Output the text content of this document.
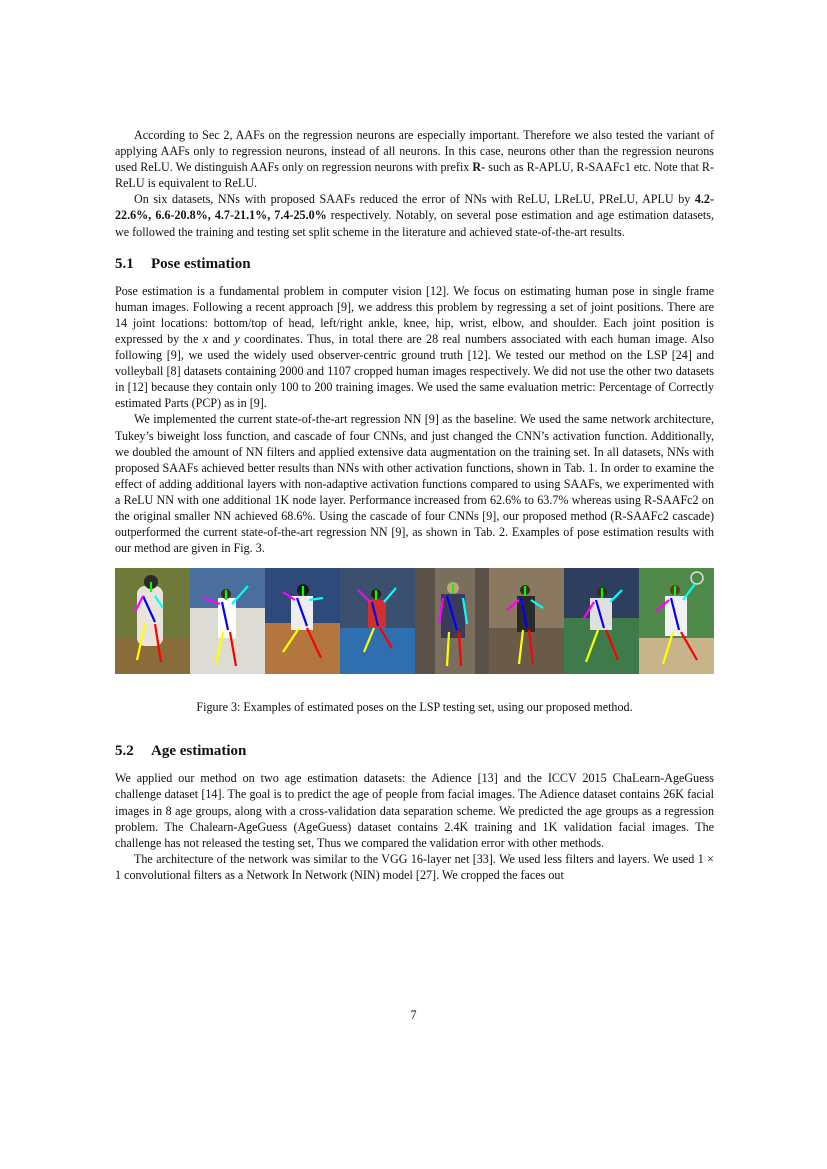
According to Sec 2, AAFs on the regression neurons are especially important. Therefore we also tested the variant of applying AAFs only to regression neurons, instead of all neurons. In this case, neurons other than the regression neurons used ReLU. We distinguish AAFs only on regression neurons with prefix R- such as R-APLU, R-SAAFc1 etc. Note that R-ReLU is equivalent to ReLU.

On six datasets, NNs with proposed SAAFs reduced the error of NNs with ReLU, LReLU, PReLU, APLU by 4.2-22.6%, 6.6-20.8%, 4.7-21.1%, 7.4-25.0% respectively. Notably, on several pose estimation and age estimation datasets, we followed the training and testing set split scheme in the literature and achieved state-of-the-art results.

5.1 Pose estimation

Pose estimation is a fundamental problem in computer vision [12]. We focus on estimating human pose in single frame human images. Following a recent approach [9], we address this problem by regressing a set of joint positions. There are 14 joint locations: bottom/top of head, left/right ankle, knee, hip, wrist, elbow, and shoulder. Each joint position is expressed by the x and y coordinates. Thus, in total there are 28 real numbers associated with each human image. Also following [9], we used the widely used observer-centric ground truth [12]. We tested our method on the LSP [24] and volleyball [8] datasets containing 2000 and 1107 cropped human images respectively. We did not use the other two datasets in [12] because they contain only 100 to 200 training images. We used the same evaluation metric: Percentage of Correctly estimated Parts (PCP) as in [9].

We implemented the current state-of-the-art regression NN [9] as the baseline. We used the same network architecture, Tukey’s biweight loss function, and cascade of four CNNs, and just changed the CNN’s activation function. Additionally, we doubled the amount of NN filters and applied extensive data augmentation on the training set. In all datasets, NNs with proposed SAAFs achieved better results than NNs with other activation functions, shown in Tab. 1. In order to examine the effect of adding additional layers with non-adaptive activation functions compared to using SAAFs, we experimented with a ReLU NN with one additional 1K node layer. Performance increased from 62.6% to 63.7% whereas using R-SAAFc2 on the original smaller NN achieved 68.6%. Using the cascade of four CNNs [9], our proposed method (R-SAAFc2 cascade) outperformed the current state-of-the-art regression NN [9], as shown in Tab. 2. Examples of pose estimation results with our method are given in Fig. 3.

Figure 3: Examples of estimated poses on the LSP testing set, using our proposed method.

5.2 Age estimation

We applied our method on two age estimation datasets: the Adience [13] and the ICCV 2015 ChaLearn-AgeGuess challenge dataset [14]. The goal is to predict the age of people from facial images. The Adience dataset contains 26K facial images in 8 age groups, along with a cross-validation data separation scheme. We predicted the age groups as a regression problem. The Chalearn-AgeGuess (AgeGuess) dataset contains 2.4K training and 1K validation facial images. The challenge has not released the testing set, Thus we compared the validation error with other methods.

The architecture of the network was similar to the VGG 16-layer net [33]. We used less filters and layers. We used 1 × 1 convolutional filters as a Network In Network (NIN) model [27]. We cropped the faces out

7
